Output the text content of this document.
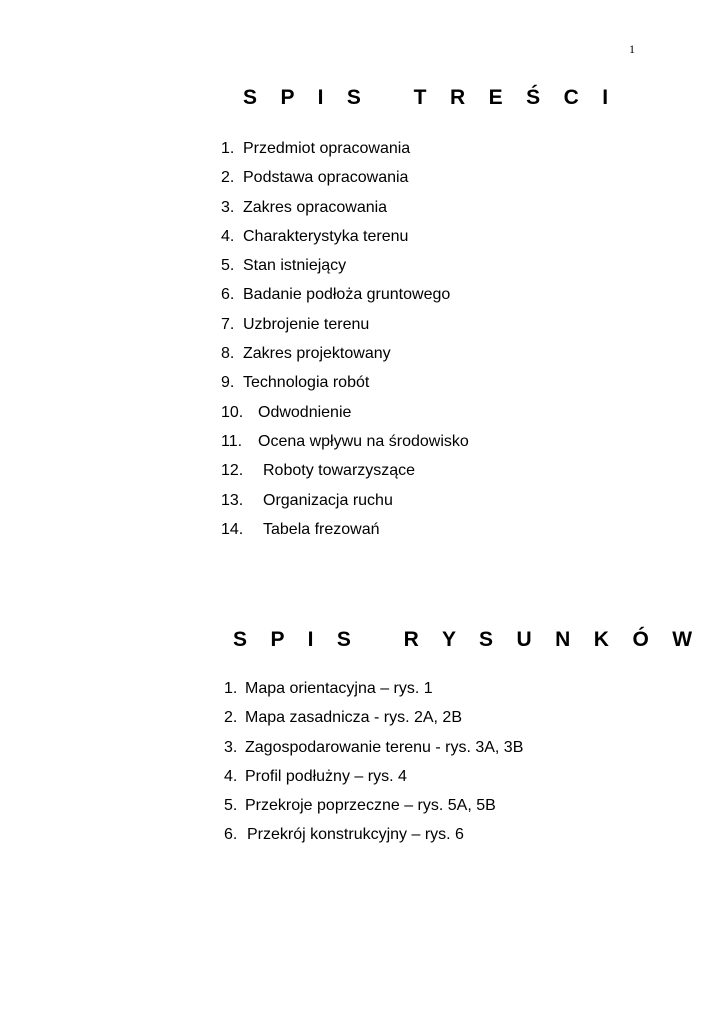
1
S P I S   T R E Ś C I
1. Przedmiot opracowania
2. Podstawa opracowania
3. Zakres opracowania
4. Charakterystyka terenu
5. Stan istniejący
6. Badanie podłoża gruntowego
7. Uzbrojenie terenu
8. Zakres projektowany
9. Technologia robót
10. Odwodnienie
11. Ocena wpływu na środowisko
12. Roboty towarzyszące
13. Organizacja ruchu
14. Tabela frezowań
S P I S   R Y S U N K Ó W
1. Mapa orientacyjna – rys. 1
2. Mapa zasadnicza - rys. 2A, 2B
3. Zagospodarowanie terenu - rys. 3A, 3B
4. Profil podłużny – rys. 4
5. Przekroje poprzeczne – rys. 5A, 5B
6. Przekrój konstrukcyjny – rys. 6
